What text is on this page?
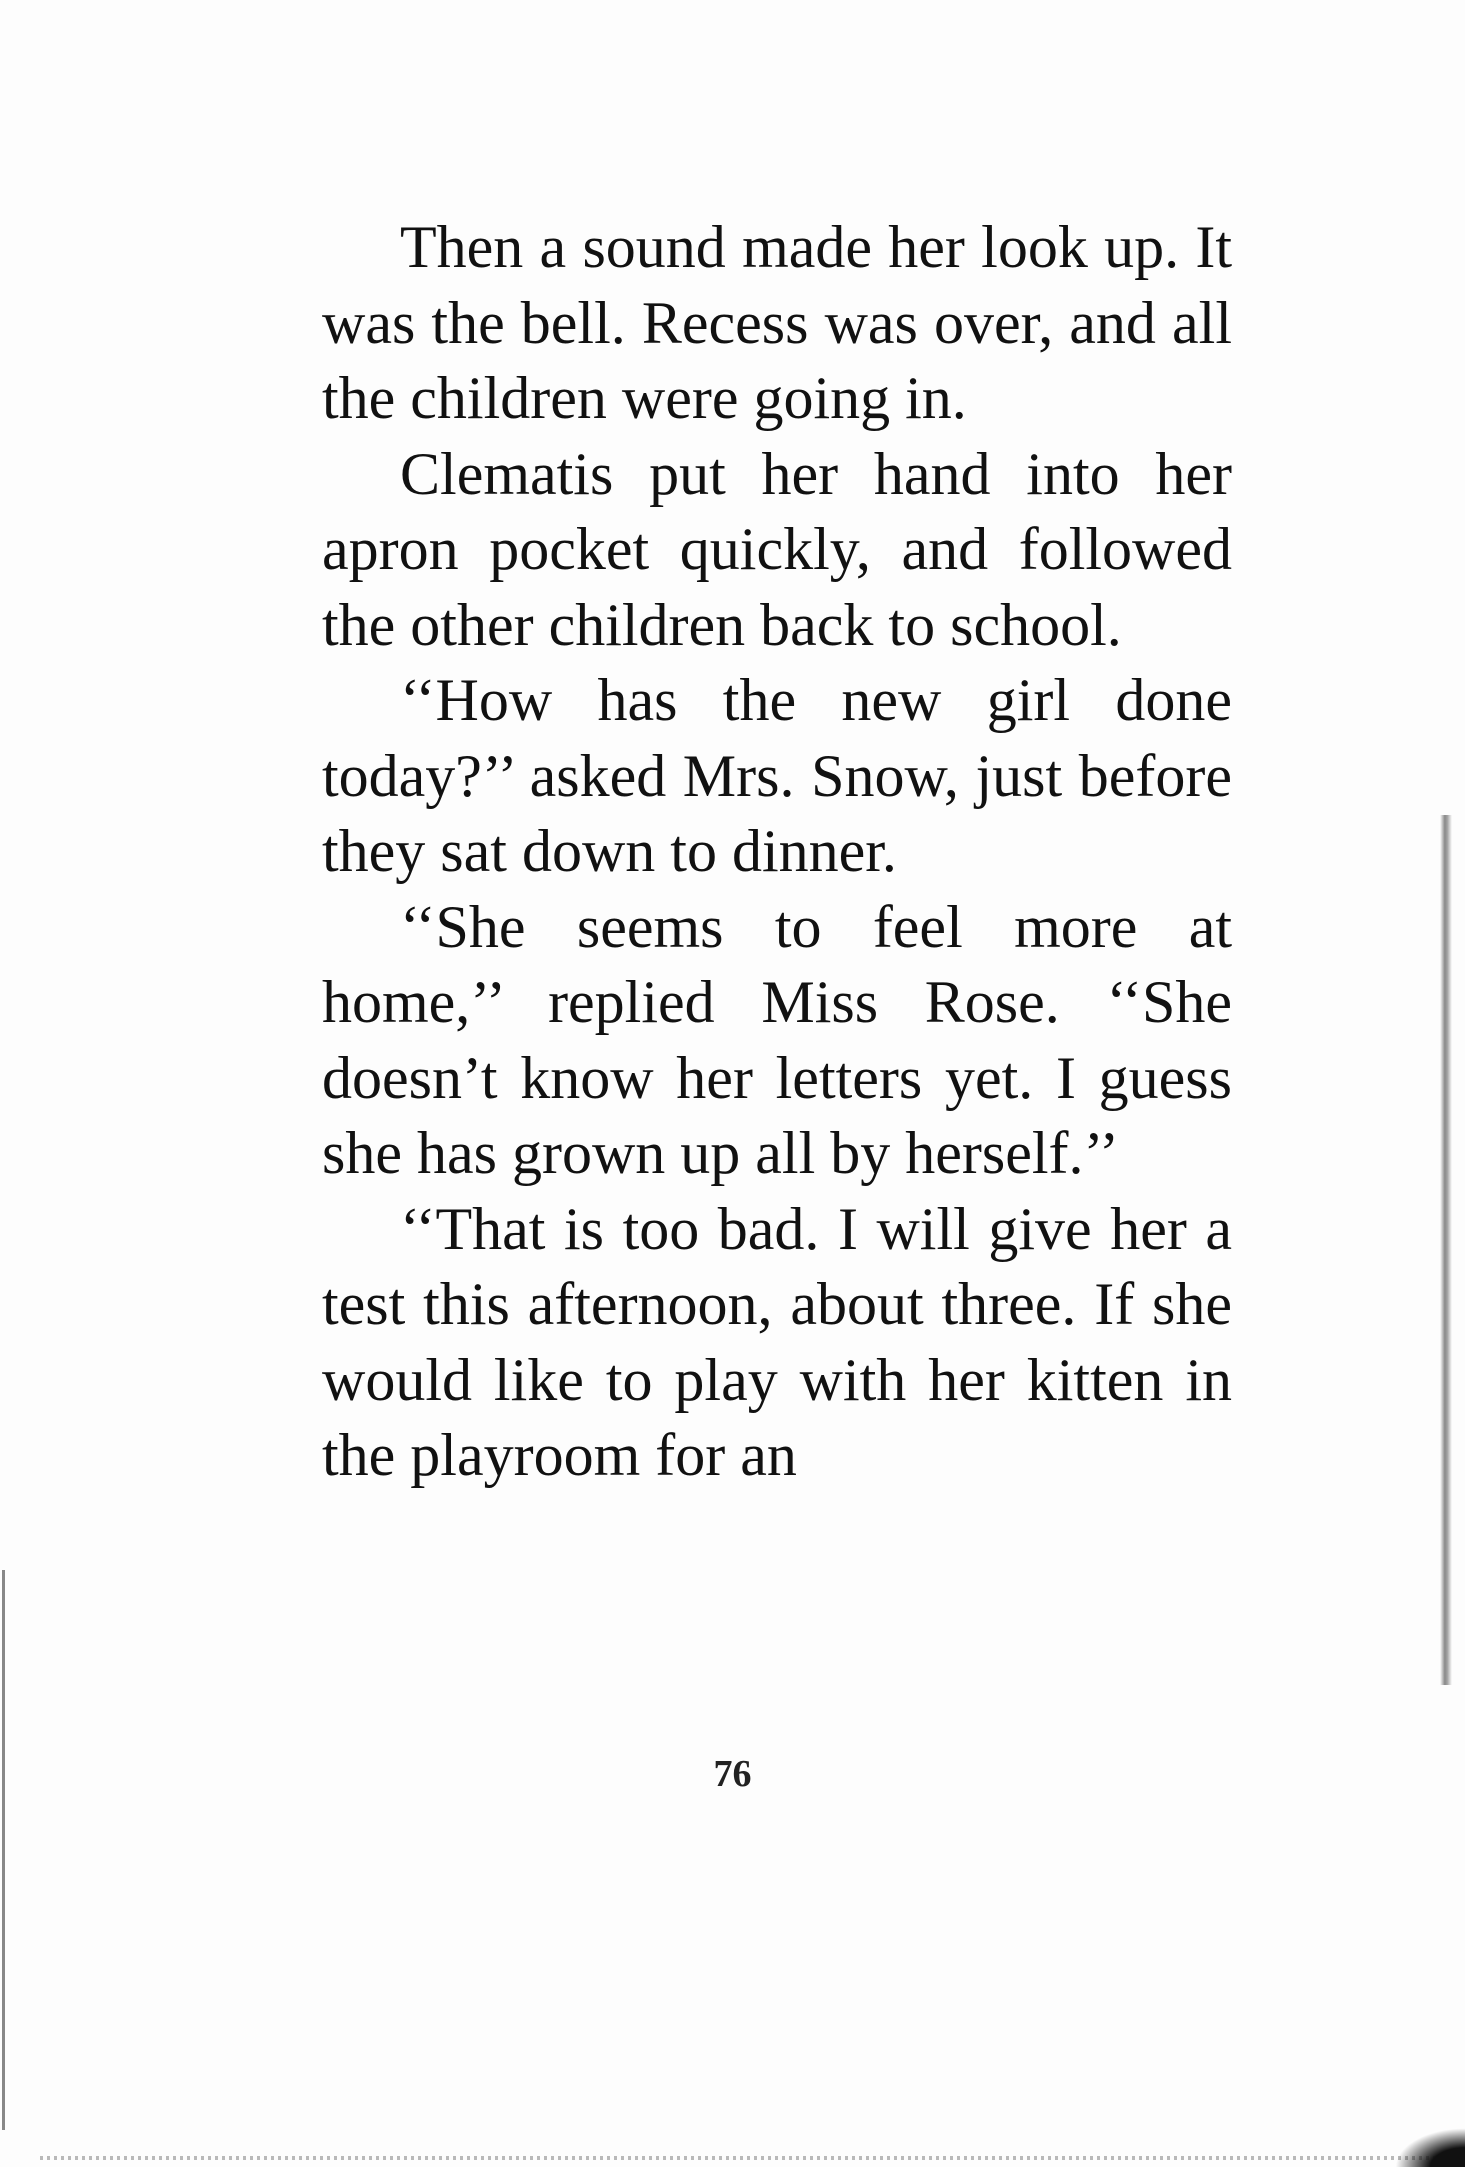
Then a sound made her look up. It was the bell. Recess was over, and all the children were going in.

Clematis put her hand into her apron pocket quickly, and followed the other children back to school.

‘‘How has the new girl done today?’’ asked Mrs. Snow, just before they sat down to dinner.

‘‘She seems to feel more at home,’’ replied Miss Rose. ‘‘She doesn’t know her letters yet. I guess she has grown up all by herself.’’

‘‘That is too bad. I will give her a test this afternoon, about three. If she would like to play with her kitten in the playroom for an

76
